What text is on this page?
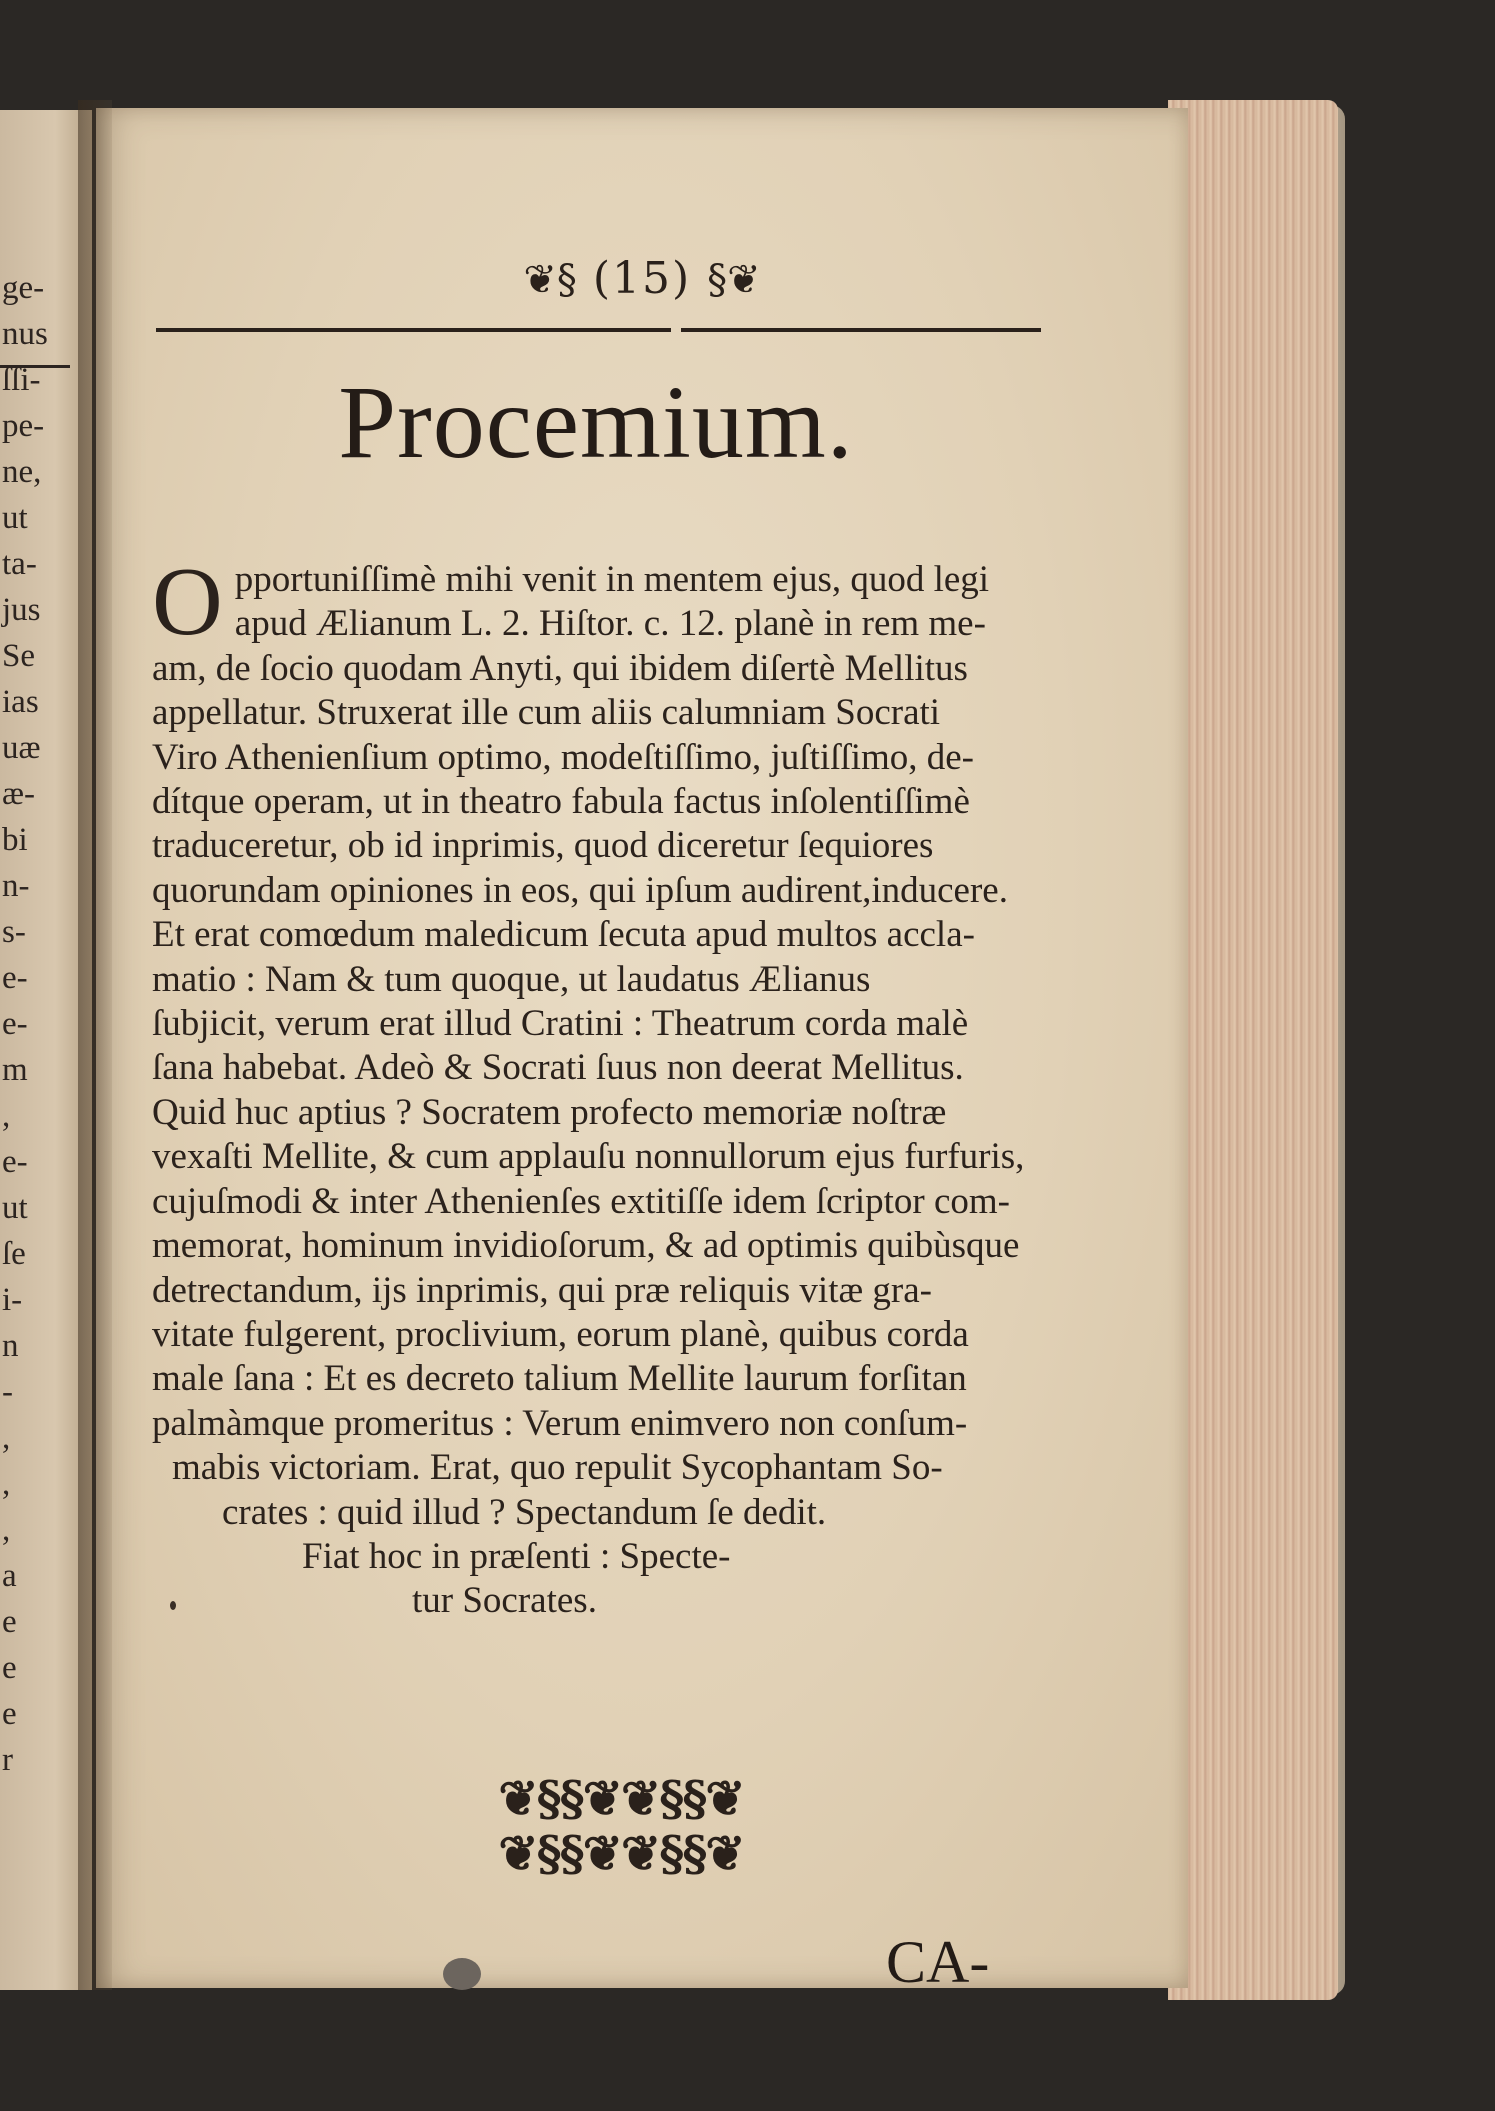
ge-
nus
ſſi-
pe-
ne,
ut
ta-
jus
Se
ias
uæ
æ-
bi
n-
s-
e-
e-
m
,
e-
ut
ſe
i-
n
-
,
,
,
a
e
e
e
r
❦§ (15) §❦
Procemium.
O pportuniſſimè mihi venit in mentem ejus, quod legi
apud Ælianum L. 2. Hiſtor. c. 12. planè in rem me-
am, de ſocio quodam Anyti, qui ibidem diſertè Mellitus
appellatur. Struxerat ille cum aliis calumniam Socrati
Viro Athenienſium optimo, modeſtiſſimo, juſtiſſimo, de-
dítque operam, ut in theatro fabula factus inſolentiſſimè
traduceretur, ob id inprimis, quod diceretur ſequiores
quorundam opiniones in eos, qui ipſum audirent,inducere.
Et erat comœdum maledicum ſecuta apud multos accla-
matio : Nam & tum quoque, ut laudatus Ælianus
ſubjicit, verum erat illud Cratini : Theatrum corda malè
ſana habebat. Adeò & Socrati ſuus non deerat Mellitus.
Quid huc aptius ? Socratem profecto memoriæ noſtræ
vexaſti Mellite, & cum applauſu nonnullorum ejus furfuris,
cujuſmodi & inter Athenienſes extitiſſe idem ſcriptor com-
memorat, hominum invidioſorum, & ad optimis quibùsque
detrectandum, ijs inprimis, qui præ reliquis vitæ gra-
vitate fulgerent, proclivium, eorum planè, quibus corda
male ſana : Et es decreto talium Mellite laurum forſitan
palmàmque promeritus : Verum enimvero non conſum-
mabis victoriam. Erat, quo repulit Sycophantam So-
crates : quid illud ? Spectandum ſe dedit.
Fiat hoc in præſenti : Specte-
tur Socrates.
❦§§❦❦§§❦
❦§§❦❦§§❦
CA-
